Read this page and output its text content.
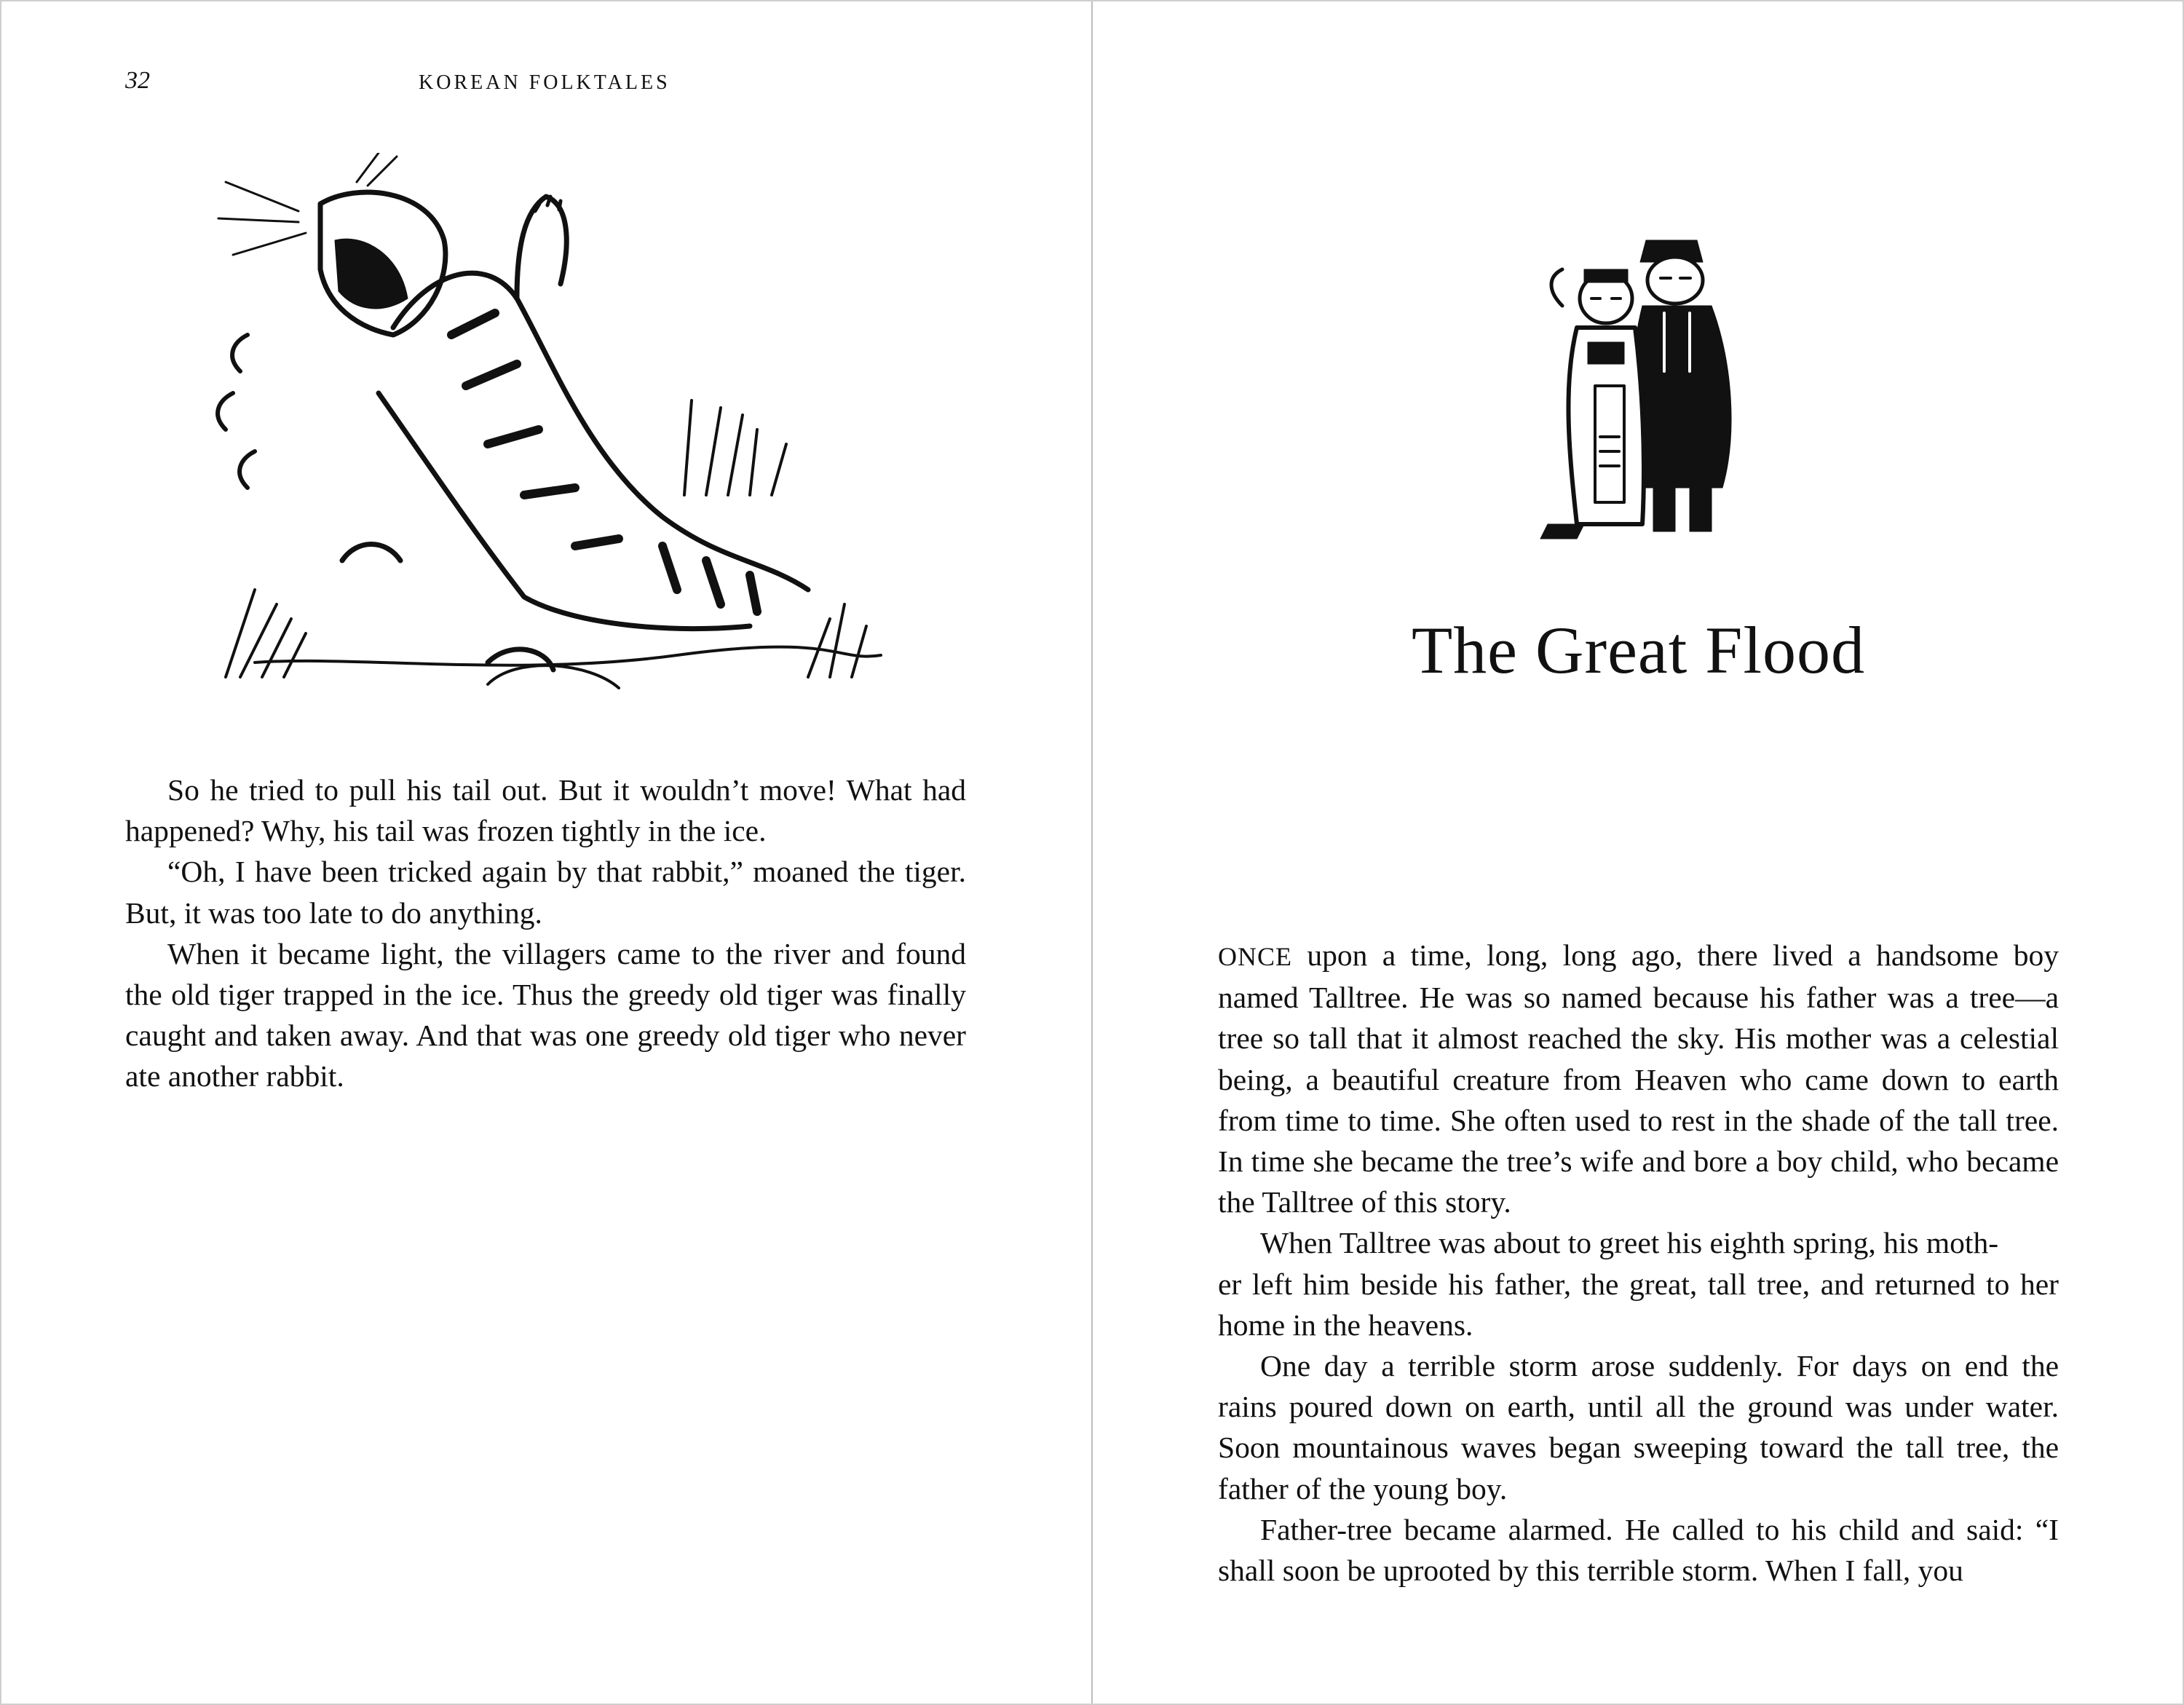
32	KOREAN FOLKTALES

So he tried to pull his tail out. But it wouldn’t move! What had happened? Why, his tail was frozen tightly in the ice.

“Oh, I have been tricked again by that rabbit,” moaned the tiger. But, it was too late to do anything.

When it became light, the villagers came to the river and found the old tiger trapped in the ice. Thus the greedy old tiger was finally caught and taken away. And that was one greedy old tiger who never ate another rabbit.

The Great Flood

ONCE upon a time, long, long ago, there lived a handsome boy named Talltree. He was so named because his father was a tree—a tree so tall that it almost reached the sky. His mother was a celestial being, a beautiful creature from Heaven who came down to earth from time to time. She often used to rest in the shade of the tall tree. In time she became the tree’s wife and bore a boy child, who became the Talltree of this story.

When Talltree was about to greet his eighth spring, his moth -
er left him beside his father, the great, tall tree, and returned to her home in the heavens.

One day a terrible storm arose suddenly. For days on end the rains poured down on earth, until all the ground was under water. Soon mountainous waves began sweeping toward the tall tree, the father of the young boy.

Father-tree became alarmed. He called to his child and said: “I shall soon be uprooted by this terrible storm. When I fall, you
